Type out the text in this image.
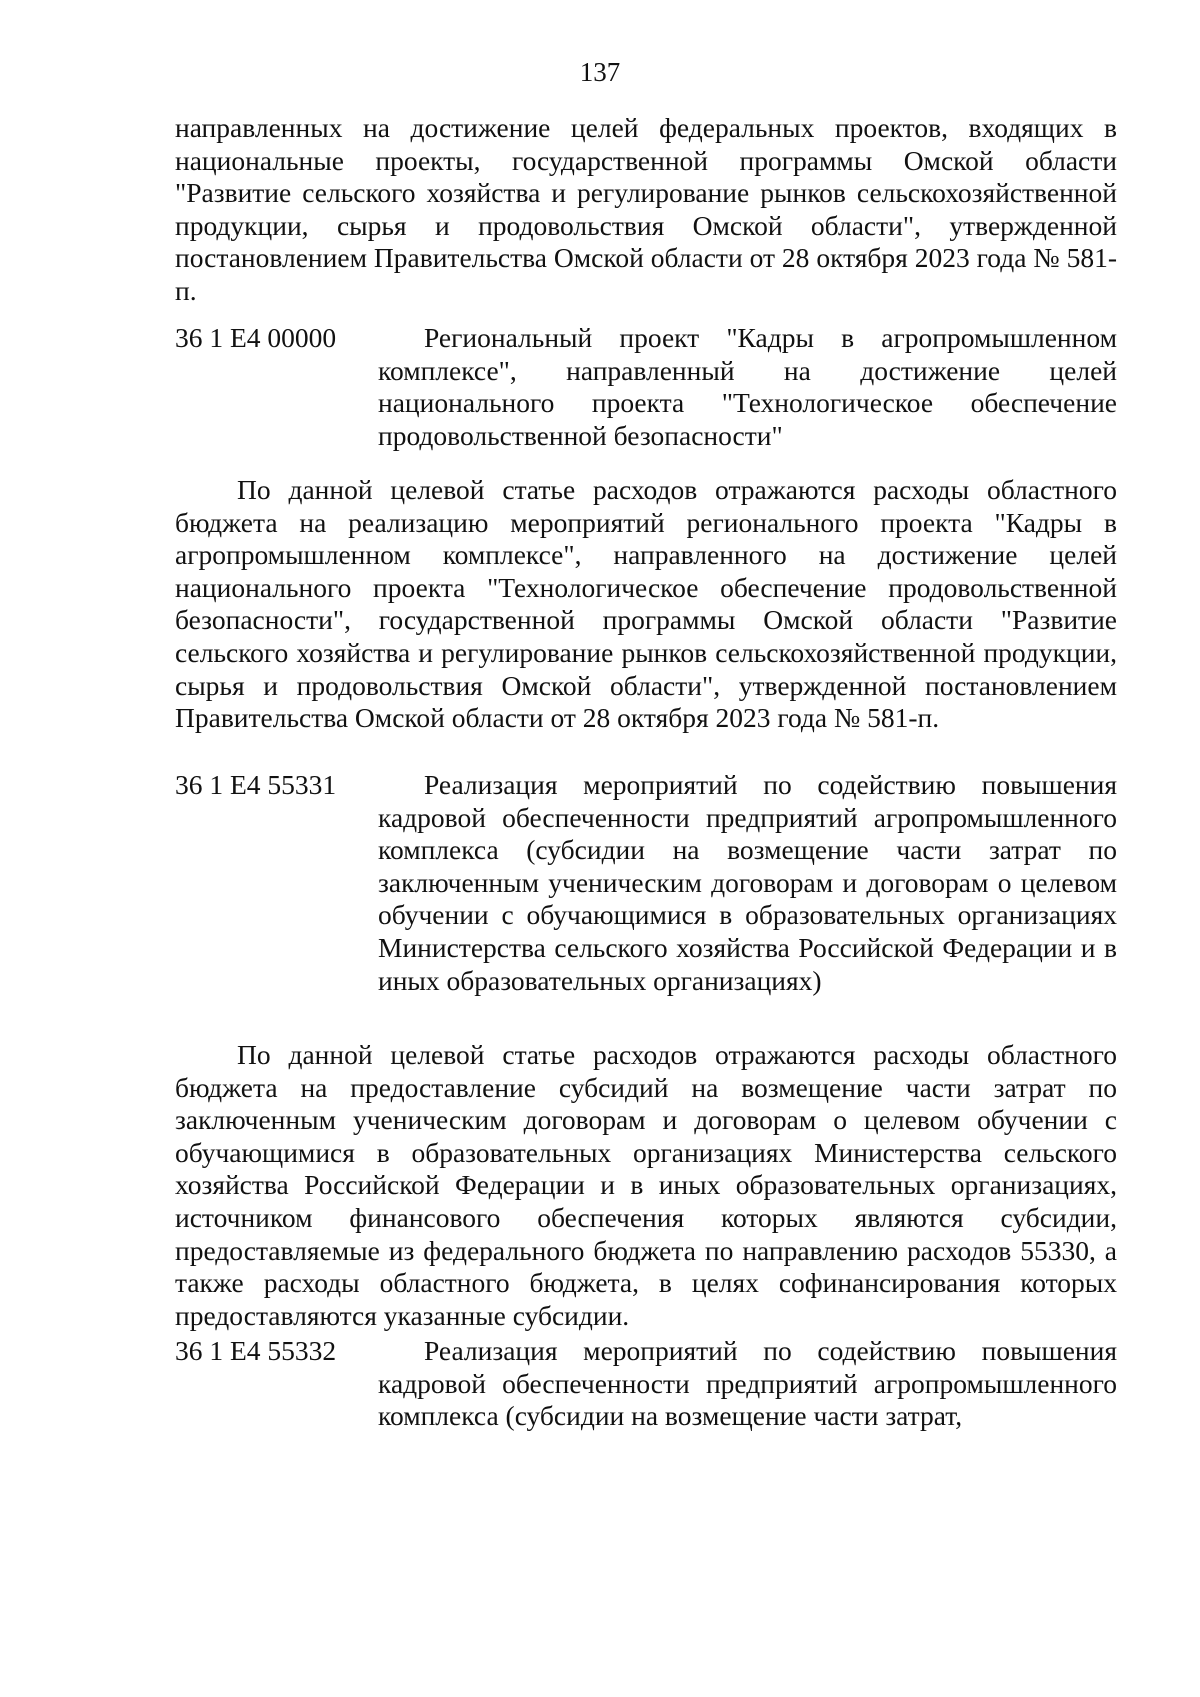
137

направленных на достижение целей федеральных проектов, входящих в национальные проекты, государственной программы Омской области "Развитие сельского хозяйства и регулирование рынков сельскохозяйственной продукции, сырья и продовольствия Омской области", утвержденной постановлением Правительства Омской области от 28 октября 2023 года № 581-п.

36 1 Е4 00000	Региональный проект "Кадры в агропромышленном комплексе", направленный на достижение целей национального проекта "Технологическое обеспечение продовольственной безопасности"

По данной целевой статье расходов отражаются расходы областного бюджета на реализацию мероприятий регионального проекта "Кадры в агропромышленном комплексе", направленного на достижение целей национального проекта "Технологическое обеспечение продовольственной безопасности", государственной программы Омской области "Развитие сельского хозяйства и регулирование рынков сельскохозяйственной продукции, сырья и продовольствия Омской области", утвержденной постановлением Правительства Омской области от 28 октября 2023 года № 581-п.

36 1 Е4 55331	Реализация мероприятий по содействию повышения кадровой обеспеченности предприятий агропромышленного комплекса (субсидии на возмещение части затрат по заключенным ученическим договорам и договорам о целевом обучении с обучающимися в образовательных организациях Министерства сельского хозяйства Российской Федерации и в иных образовательных организациях)

По данной целевой статье расходов отражаются расходы областного бюджета на предоставление субсидий на возмещение части затрат по заключенным ученическим договорам и договорам о целевом обучении с обучающимися в образовательных организациях Министерства сельского хозяйства Российской Федерации и в иных образовательных организациях, источником финансового обеспечения которых являются субсидии, предоставляемые из федерального бюджета по направлению расходов 55330, а также расходы областного бюджета, в целях софинансирования которых предоставляются указанные субсидии.

36 1 Е4 55332	Реализация мероприятий по содействию повышения кадровой обеспеченности предприятий агропромышленного комплекса (субсидии на возмещение части затрат,
